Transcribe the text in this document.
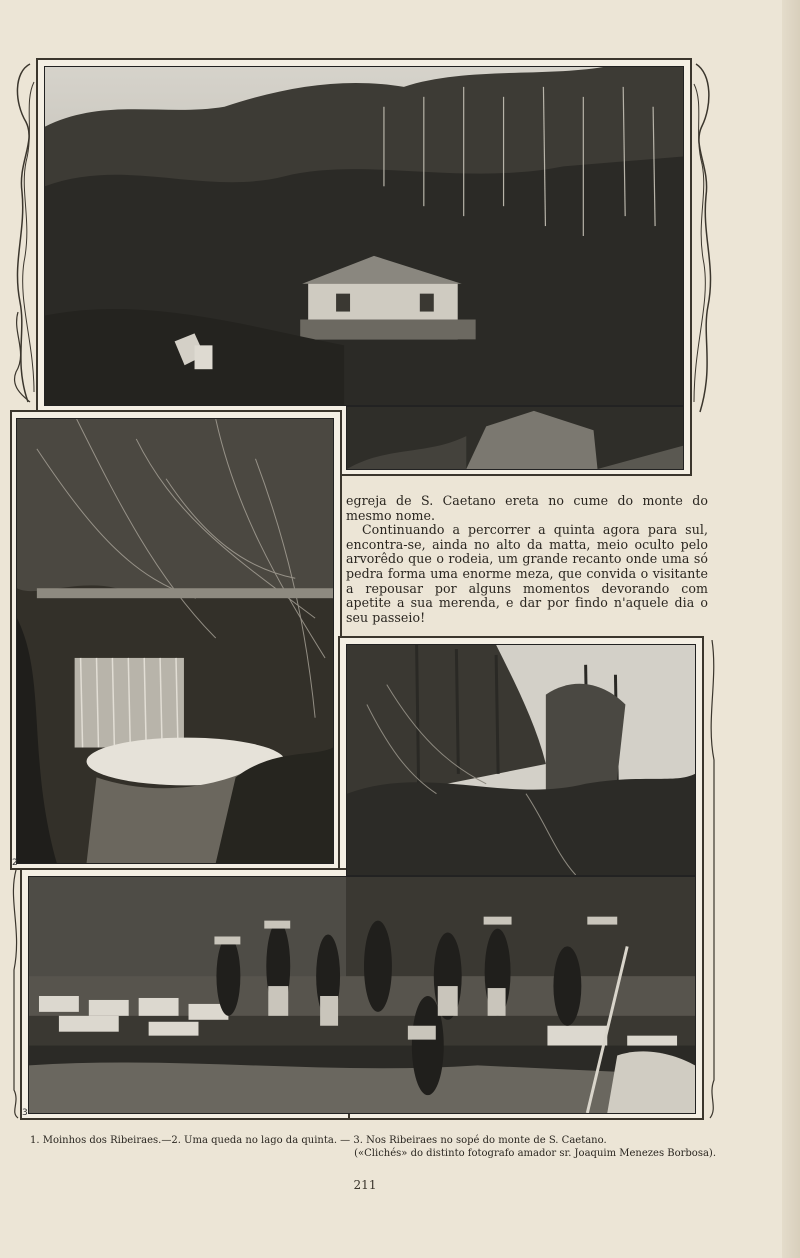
2

egreja de S. Caetano ereta no cume do monte do mesmo nome.

Continuando a percorrer a quinta agora para sul, encontra-se, ainda no alto da matta, meio oculto pelo arvorêdo que o rodeia, um grande recanto onde uma só pedra forma uma enorme meza, que convida o visitante a repousar por alguns momentos devorando com apetite a sua merenda, e dar por findo n'aquele dia o seu passeio!

3
1. Moinhos dos Ribeiraes.—2. Uma queda no lago da quinta. — 3. Nos Ribeiraes no sopé do monte de S. Caetano.
(«Clichés» do distinto fotografo amador sr. Joaquim Menezes Borbosa).
211
